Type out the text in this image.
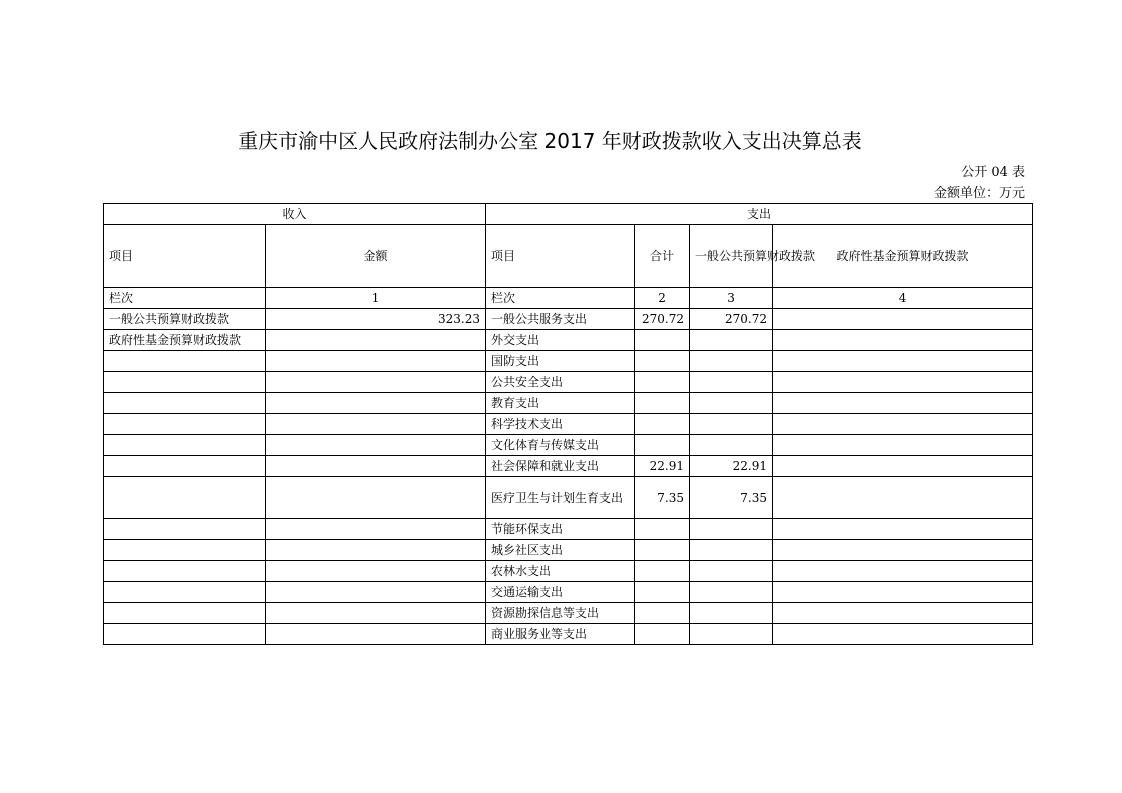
重庆市渝中区人民政府法制办公室 2017 年财政拨款收入支出决算总表
公开 04 表
金额单位：万元
收入		支出			
项目	金额	项目	合计	一般公共预算财政拨款	政府性基金预算财政拨款
栏次	1	栏次	2	3	4
一般公共预算财政拨款	323.23	一般公共服务支出	270.72	270.72	
政府性基金预算财政拨款		外交支出			
		国防支出			
		公共安全支出			
		教育支出			
		科学技术支出			
		文化体育与传媒支出			
		社会保障和就业支出	22.91	22.91	
		医疗卫生与计划生育支出	7.35	7.35	
		节能环保支出			
		城乡社区支出			
		农林水支出			
		交通运输支出			
		资源勘探信息等支出			
		商业服务业等支出			
